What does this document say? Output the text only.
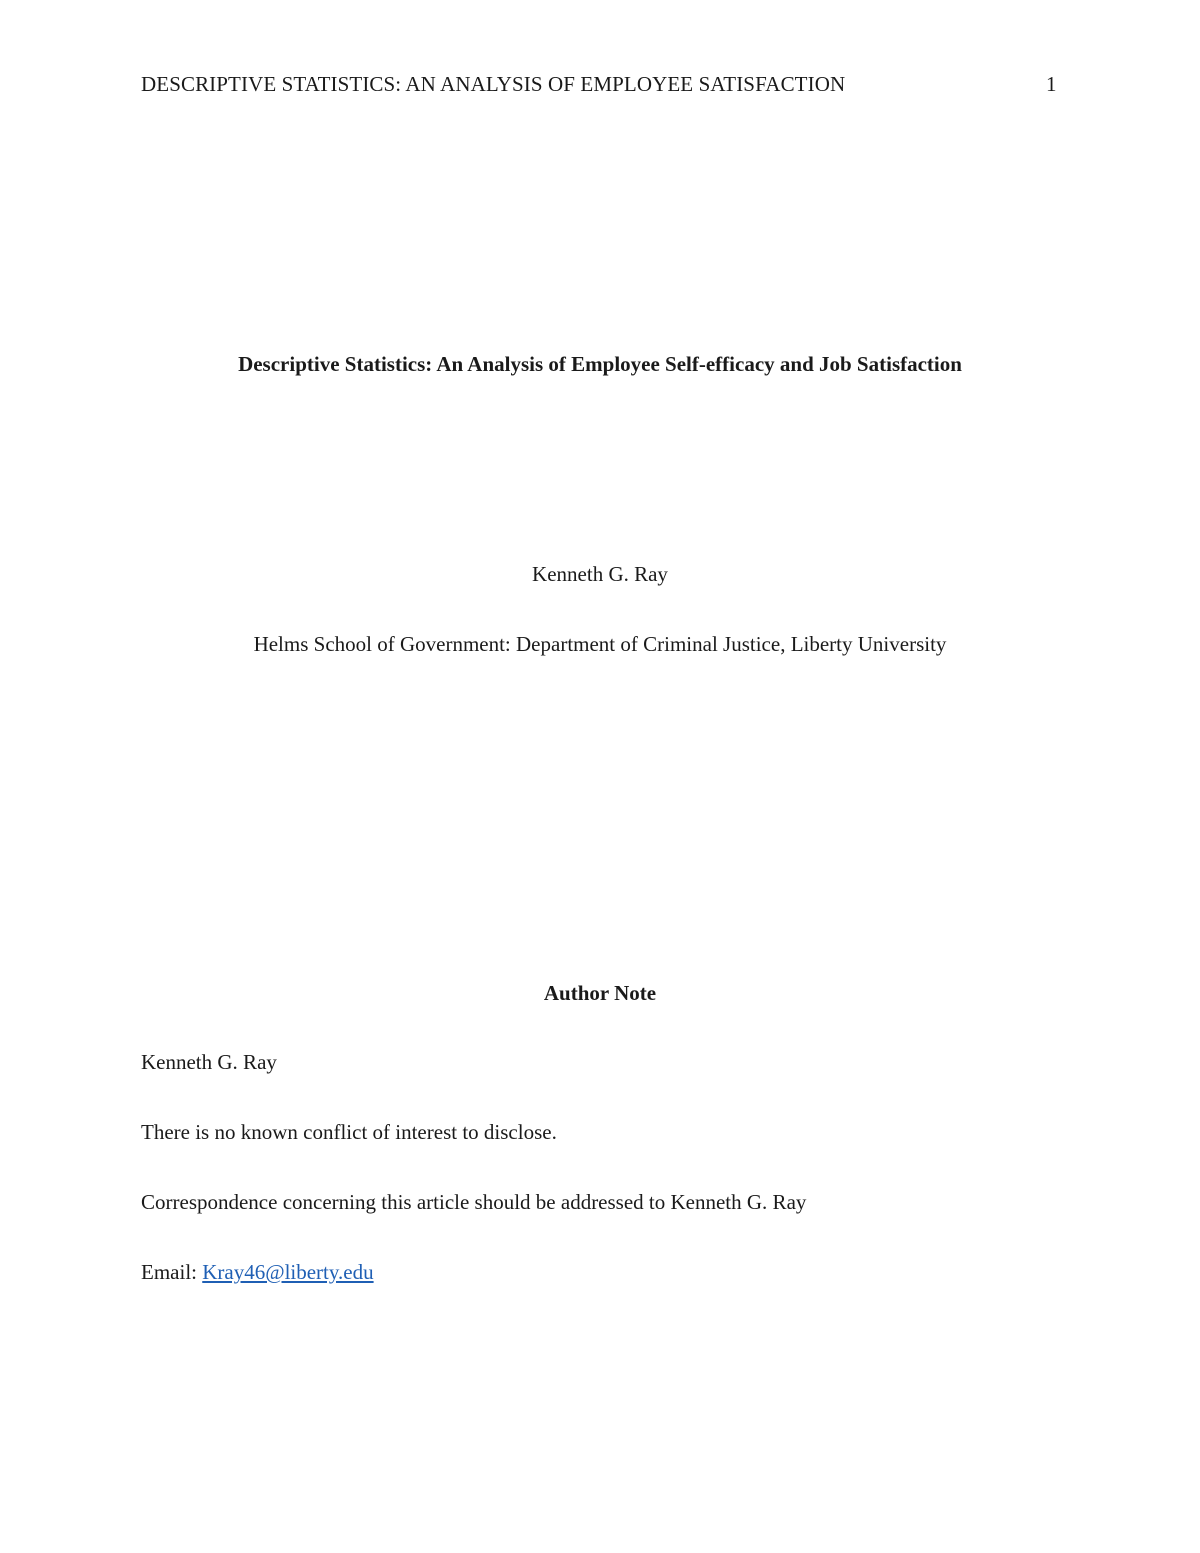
DESCRIPTIVE STATISTICS: AN ANALYSIS OF EMPLOYEE SATISFACTION	1
Descriptive Statistics: An Analysis of Employee Self-efficacy and Job Satisfaction
Kenneth G. Ray
Helms School of Government: Department of Criminal Justice, Liberty University
Author Note
Kenneth G. Ray
There is no known conflict of interest to disclose.
Correspondence concerning this article should be addressed to Kenneth G. Ray
Email: Kray46@liberty.edu
